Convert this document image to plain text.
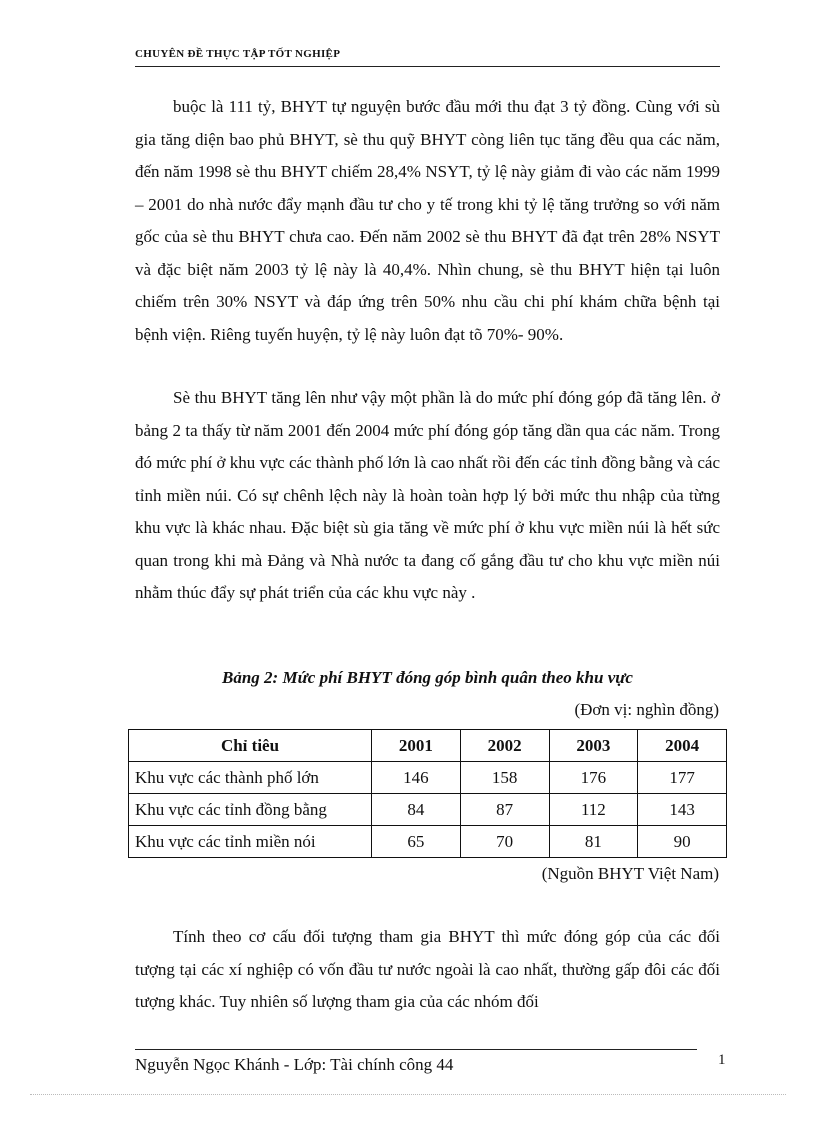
CHUYÊN ĐỀ THỰC TẬP TỐT NGHIỆP

buộc là 111 tỷ, BHYT tự nguyện bước đầu mới thu đạt 3 tỷ đồng. Cùng với sù gia tăng diện bao phủ BHYT, sè thu quỹ BHYT còng liên tục tăng đều qua các năm, đến năm 1998 sè thu BHYT chiếm 28,4% NSYT, tỷ lệ này giảm đi vào các năm 1999 – 2001 do nhà nước đẩy mạnh đầu tư cho y tế trong khi tỷ lệ tăng trưởng so với năm gốc của sè thu BHYT chưa cao. Đến năm 2002 sè thu BHYT đã đạt trên 28% NSYT và đặc biệt năm 2003 tỷ lệ này là 40,4%. Nhìn chung, sè thu BHYT hiện tại luôn chiếm trên 30% NSYT và đáp ứng trên 50% nhu cầu chi phí khám chữa bệnh tại bệnh viện. Riêng tuyến huyện, tỷ lệ này luôn đạt tõ 70%- 90%.

Sè thu BHYT tăng lên như vậy một phần là do mức phí đóng góp đã tăng lên. ở bảng 2 ta thấy từ năm 2001 đến 2004 mức phí đóng góp tăng dần qua các năm. Trong đó mức phí ở khu vực các thành phố lớn là cao nhất rồi đến các tỉnh đồng bằng và các tỉnh miền núi. Có sự chênh lệch này là hoàn toàn hợp lý bởi mức thu nhập của từng khu vực là khác nhau. Đặc biệt sù gia tăng về mức phí ở khu vực miền núi là hết sức quan trong khi mà Đảng và Nhà nước ta đang cố gắng đầu tư cho khu vực miền núi nhằm thúc đẩy sự phát triển của các khu vực này .

Bảng 2: Mức phí BHYT đóng góp bình quân theo khu vực
(Đơn vị: nghìn đồng)
Chỉ tiêu	2001	2002	2003	2004
Khu vực các thành phố lớn	146	158	176	177
Khu vực các tỉnh đồng bằng	84	87	112	143
Khu vực các tỉnh miền nói	65	70	81	90
(Nguồn BHYT Việt Nam)

Tính theo cơ cấu đối tượng tham gia BHYT thì mức đóng góp của các đối tượng tại các xí nghiệp có vốn đầu tư nước ngoài là cao nhất, thường gấp đôi các đối tượng khác. Tuy nhiên số lượng tham gia của các nhóm đối

Nguyễn Ngọc Khánh - Lớp: Tài chính công 44	1
